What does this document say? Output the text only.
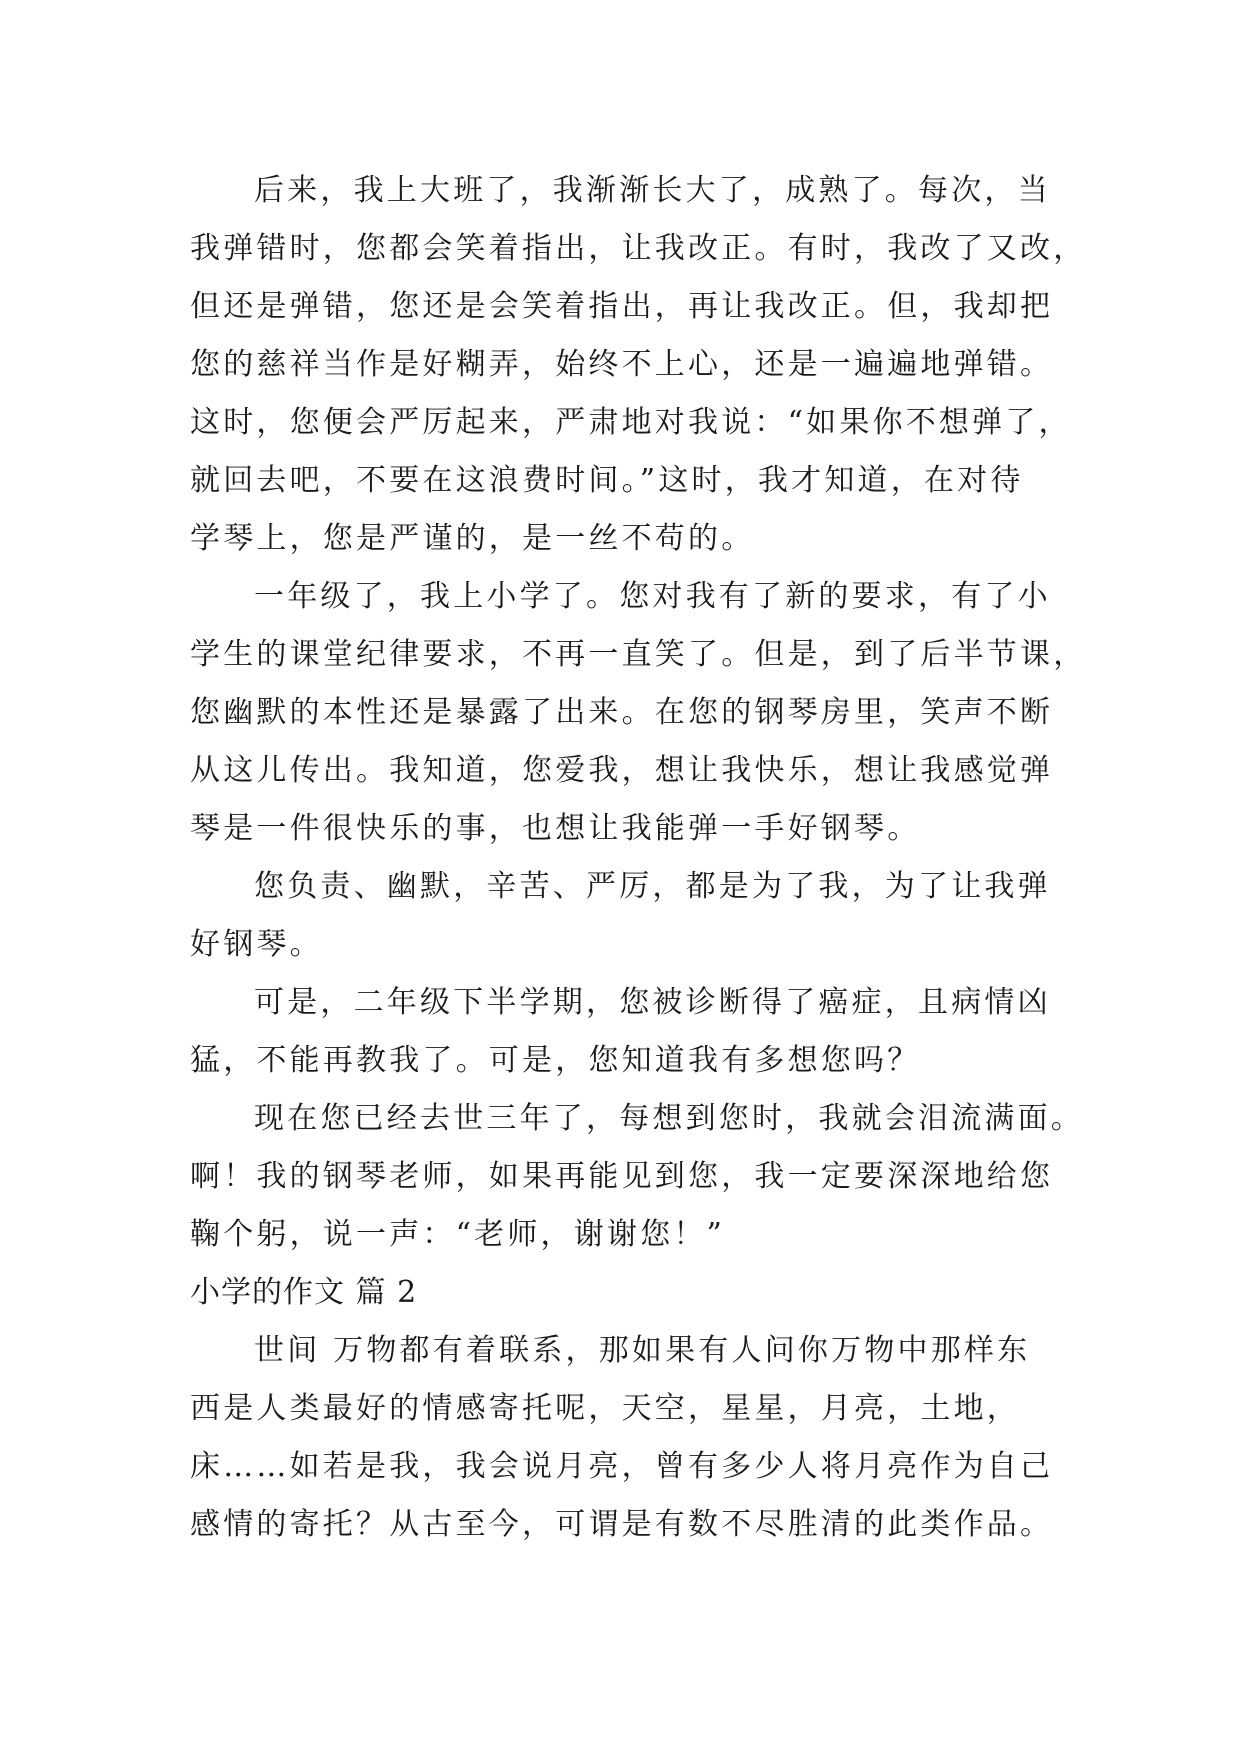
后来，我上大班了，我渐渐长大了，成熟了。每次，当
我弹错时，您都会笑着指出，让我改正。有时，我改了又改，
但还是弹错，您还是会笑着指出，再让我改正。但，我却把
您的慈祥当作是好糊弄，始终不上心，还是一遍遍地弹错。
这时，您便会严厉起来，严肃地对我说：“如果你不想弹了，
就回去吧，不要在这浪费时间。”这时，我才知道，在对待
学琴上，您是严谨的，是一丝不苟的。
一年级了，我上小学了。您对我有了新的要求，有了小
学生的课堂纪律要求，不再一直笑了。但是，到了后半节课，
您幽默的本性还是暴露了出来。在您的钢琴房里，笑声不断
从这儿传出。我知道，您爱我，想让我快乐，想让我感觉弹
琴是一件很快乐的事，也想让我能弹一手好钢琴。
您负责、幽默，辛苦、严厉，都是为了我，为了让我弹
好钢琴。
可是，二年级下半学期，您被诊断得了癌症，且病情凶
猛，不能再教我了。可是，您知道我有多想您吗？
现在您已经去世三年了，每想到您时，我就会泪流满面。
啊！我的钢琴老师，如果再能见到您，我一定要深深地给您
鞠个躬，说一声：“老师，谢谢您！”
小学的作文 篇 2
世间 万物都有着联系，那如果有人问你万物中那样东
西是人类最好的情感寄托呢，天空，星星，月亮，土地，
床……如若是我，我会说月亮，曾有多少人将月亮作为自己
感情的寄托？从古至今，可谓是有数不尽胜清的此类作品。
